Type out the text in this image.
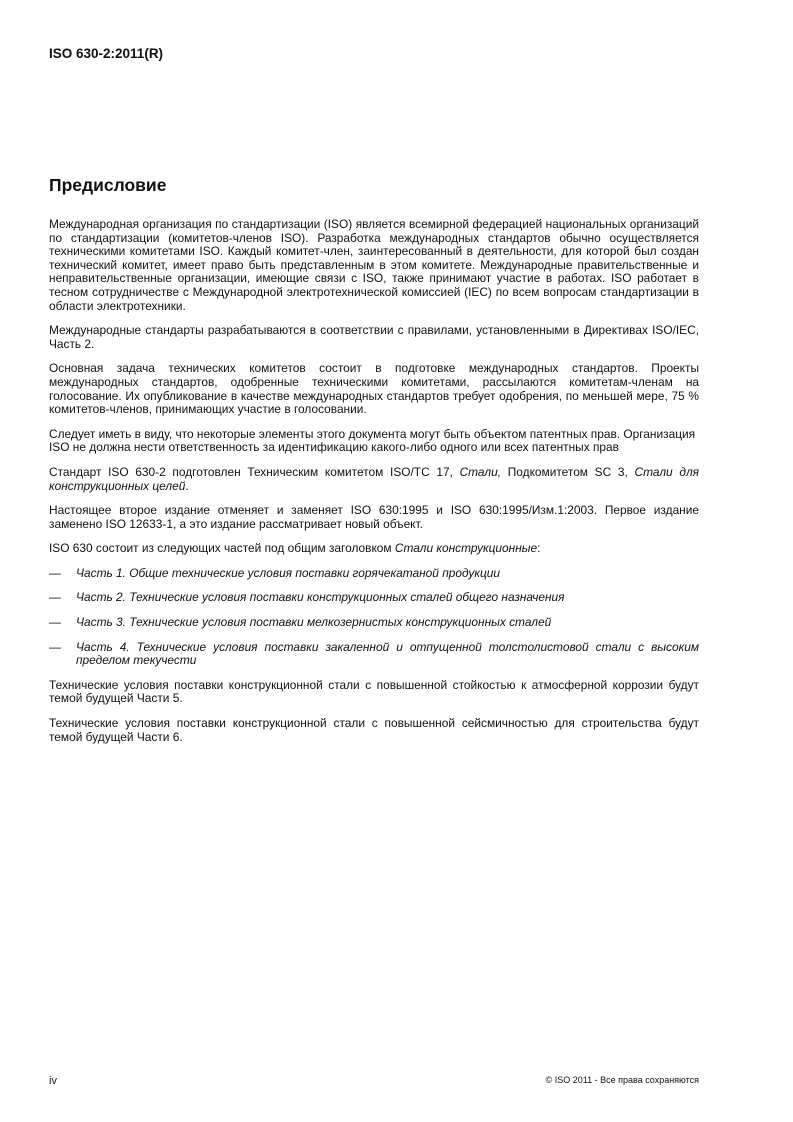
ISO 630-2:2011(R)
Предисловие

Международная организация по стандартизации (ISO) является всемирной федерацией национальных организаций по стандартизации (комитетов-членов ISO). Разработка международных стандартов обычно осуществляется техническими комитетами ISO. Каждый комитет-член, заинтересованный в деятельности, для которой был создан технический комитет, имеет право быть представленным в этом комитете. Международные правительственные и неправительственные организации, имеющие связи с ISO, также принимают участие в работах. ISO работает в тесном сотрудничестве с Международной электротехнической комиссией (IEC) по всем вопросам стандартизации в области электротехники.

Международные стандарты разрабатываются в соответствии с правилами, установленными в Директивах ISO/IEC, Часть 2.

Основная задача технических комитетов состоит в подготовке международных стандартов. Проекты международных стандартов, одобренные техническими комитетами, рассылаются комитетам-членам на голосование. Их опубликование в качестве международных стандартов требует одобрения, по меньшей мере, 75 % комитетов-членов, принимающих участие в голосовании.

Следует иметь в виду, что некоторые элементы этого документа могут быть объектом патентных прав. Организация ISO не должна нести ответственность за идентификацию какого-либо одного или всех патентных прав

Стандарт ISO 630-2 подготовлен Техническим комитетом ISO/TC 17, Стали, Подкомитетом SC 3, Стали для конструкционных целей.

Настоящее второе издание отменяет и заменяет ISO 630:1995 и ISO 630:1995/Изм.1:2003. Первое издание заменено ISO 12633-1, а это издание рассматривает новый объект.

ISO 630 состоит из следующих частей под общим заголовком Стали конструкционные:

— Часть 1. Общие технические условия поставки горячекатаной продукции
— Часть 2. Технические условия поставки конструкционных сталей общего назначения
— Часть 3. Технические условия поставки мелкозернистых конструкционных сталей
— Часть 4. Технические условия поставки закаленной и отпущенной толстолистовой стали с высоким пределом текучести

Технические условия поставки конструкционной стали с повышенной стойкостью к атмосферной коррозии будут темой будущей Части 5.

Технические условия поставки конструкционной стали с повышенной сейсмичностью для строительства будут темой будущей Части 6.

iv	© ISO 2011 - Все права сохраняются
